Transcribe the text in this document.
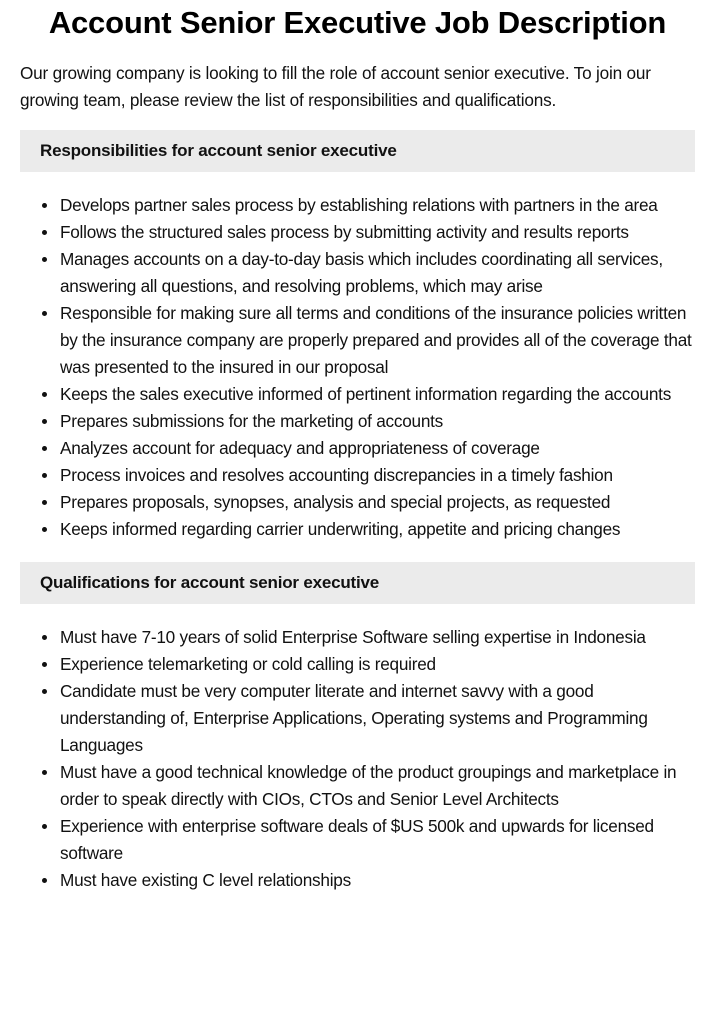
Account Senior Executive Job Description

Our growing company is looking to fill the role of account senior executive. To join our growing team, please review the list of responsibilities and qualifications.

Responsibilities for account senior executive
Develops partner sales process by establishing relations with partners in the area
Follows the structured sales process by submitting activity and results reports
Manages accounts on a day-to-day basis which includes coordinating all services, answering all questions, and resolving problems, which may arise
Responsible for making sure all terms and conditions of the insurance policies written by the insurance company are properly prepared and provides all of the coverage that was presented to the insured in our proposal
Keeps the sales executive informed of pertinent information regarding the accounts
Prepares submissions for the marketing of accounts
Analyzes account for adequacy and appropriateness of coverage
Process invoices and resolves accounting discrepancies in a timely fashion
Prepares proposals, synopses, analysis and special projects, as requested
Keeps informed regarding carrier underwriting, appetite and pricing changes
Qualifications for account senior executive
Must have 7-10 years of solid Enterprise Software selling expertise in Indonesia
Experience telemarketing or cold calling is required
Candidate must be very computer literate and internet savvy with a good understanding of, Enterprise Applications, Operating systems and Programming Languages
Must have a good technical knowledge of the product groupings and marketplace in order to speak directly with CIOs, CTOs and Senior Level Architects
Experience with enterprise software deals of $US 500k and upwards for licensed software
Must have existing C level relationships
